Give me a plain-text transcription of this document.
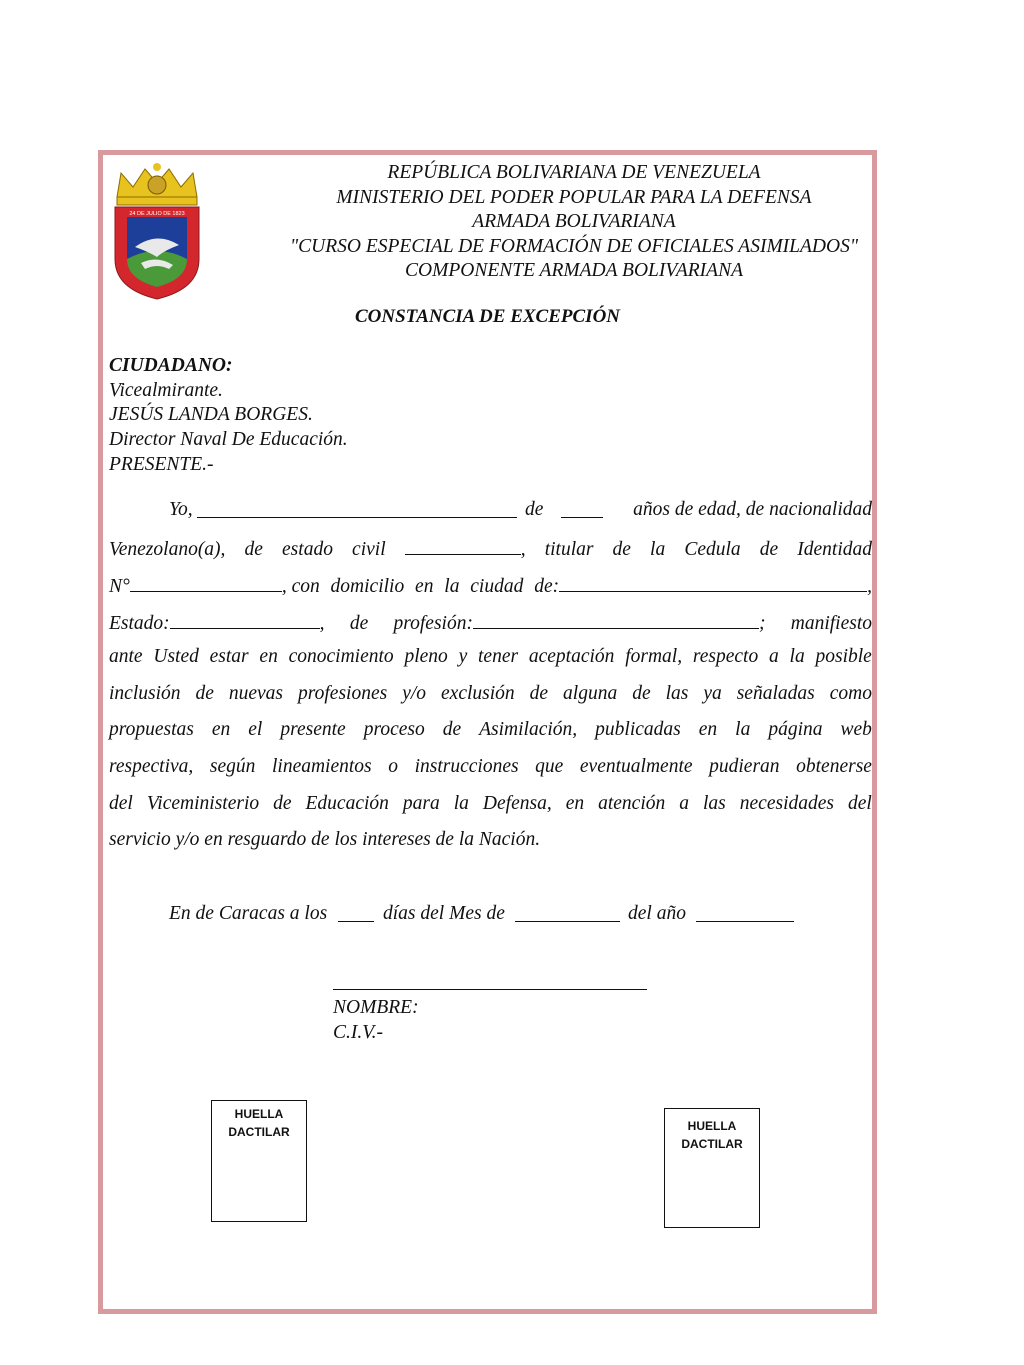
24 DE JULIO DE 1823
REPÚBLICA BOLIVARIANA DE VENEZUELA
MINISTERIO DEL PODER POPULAR PARA LA DEFENSA
ARMADA BOLIVARIANA
"CURSO ESPECIAL DE FORMACIÓN DE OFICIALES ASIMILADOS"
COMPONENTE ARMADA BOLIVARIANA
CONSTANCIA DE EXCEPCIÓN
CIUDADANO:
Vicealmirante.
JESÚS LANDA BORGES.
Director Naval De Educación.
PRESENTE.-
Yo,	de	años de edad, de nacionalidad
Venezolano(a), de estado civil	, titular de la Cedula de Identidad
N°	, con domicilio en la ciudad de:	,
Estado:	, de profesión:	; manifiesto
ante Usted estar en conocimiento pleno y tener aceptación formal, respecto a la posible
inclusión de nuevas profesiones y/o exclusión de alguna de las ya señaladas como
propuestas en el presente proceso de Asimilación, publicadas en la página web
respectiva, según lineamientos o instrucciones que eventualmente pudieran obtenerse
del Viceministerio de Educación para la Defensa, en atención a las necesidades del
servicio y/o en resguardo de los intereses de la Nación.
En de Caracas a los	días del Mes de	del año
NOMBRE:
C.I.V.-
HUELLA
DACTILAR	HUELLA
DACTILAR
